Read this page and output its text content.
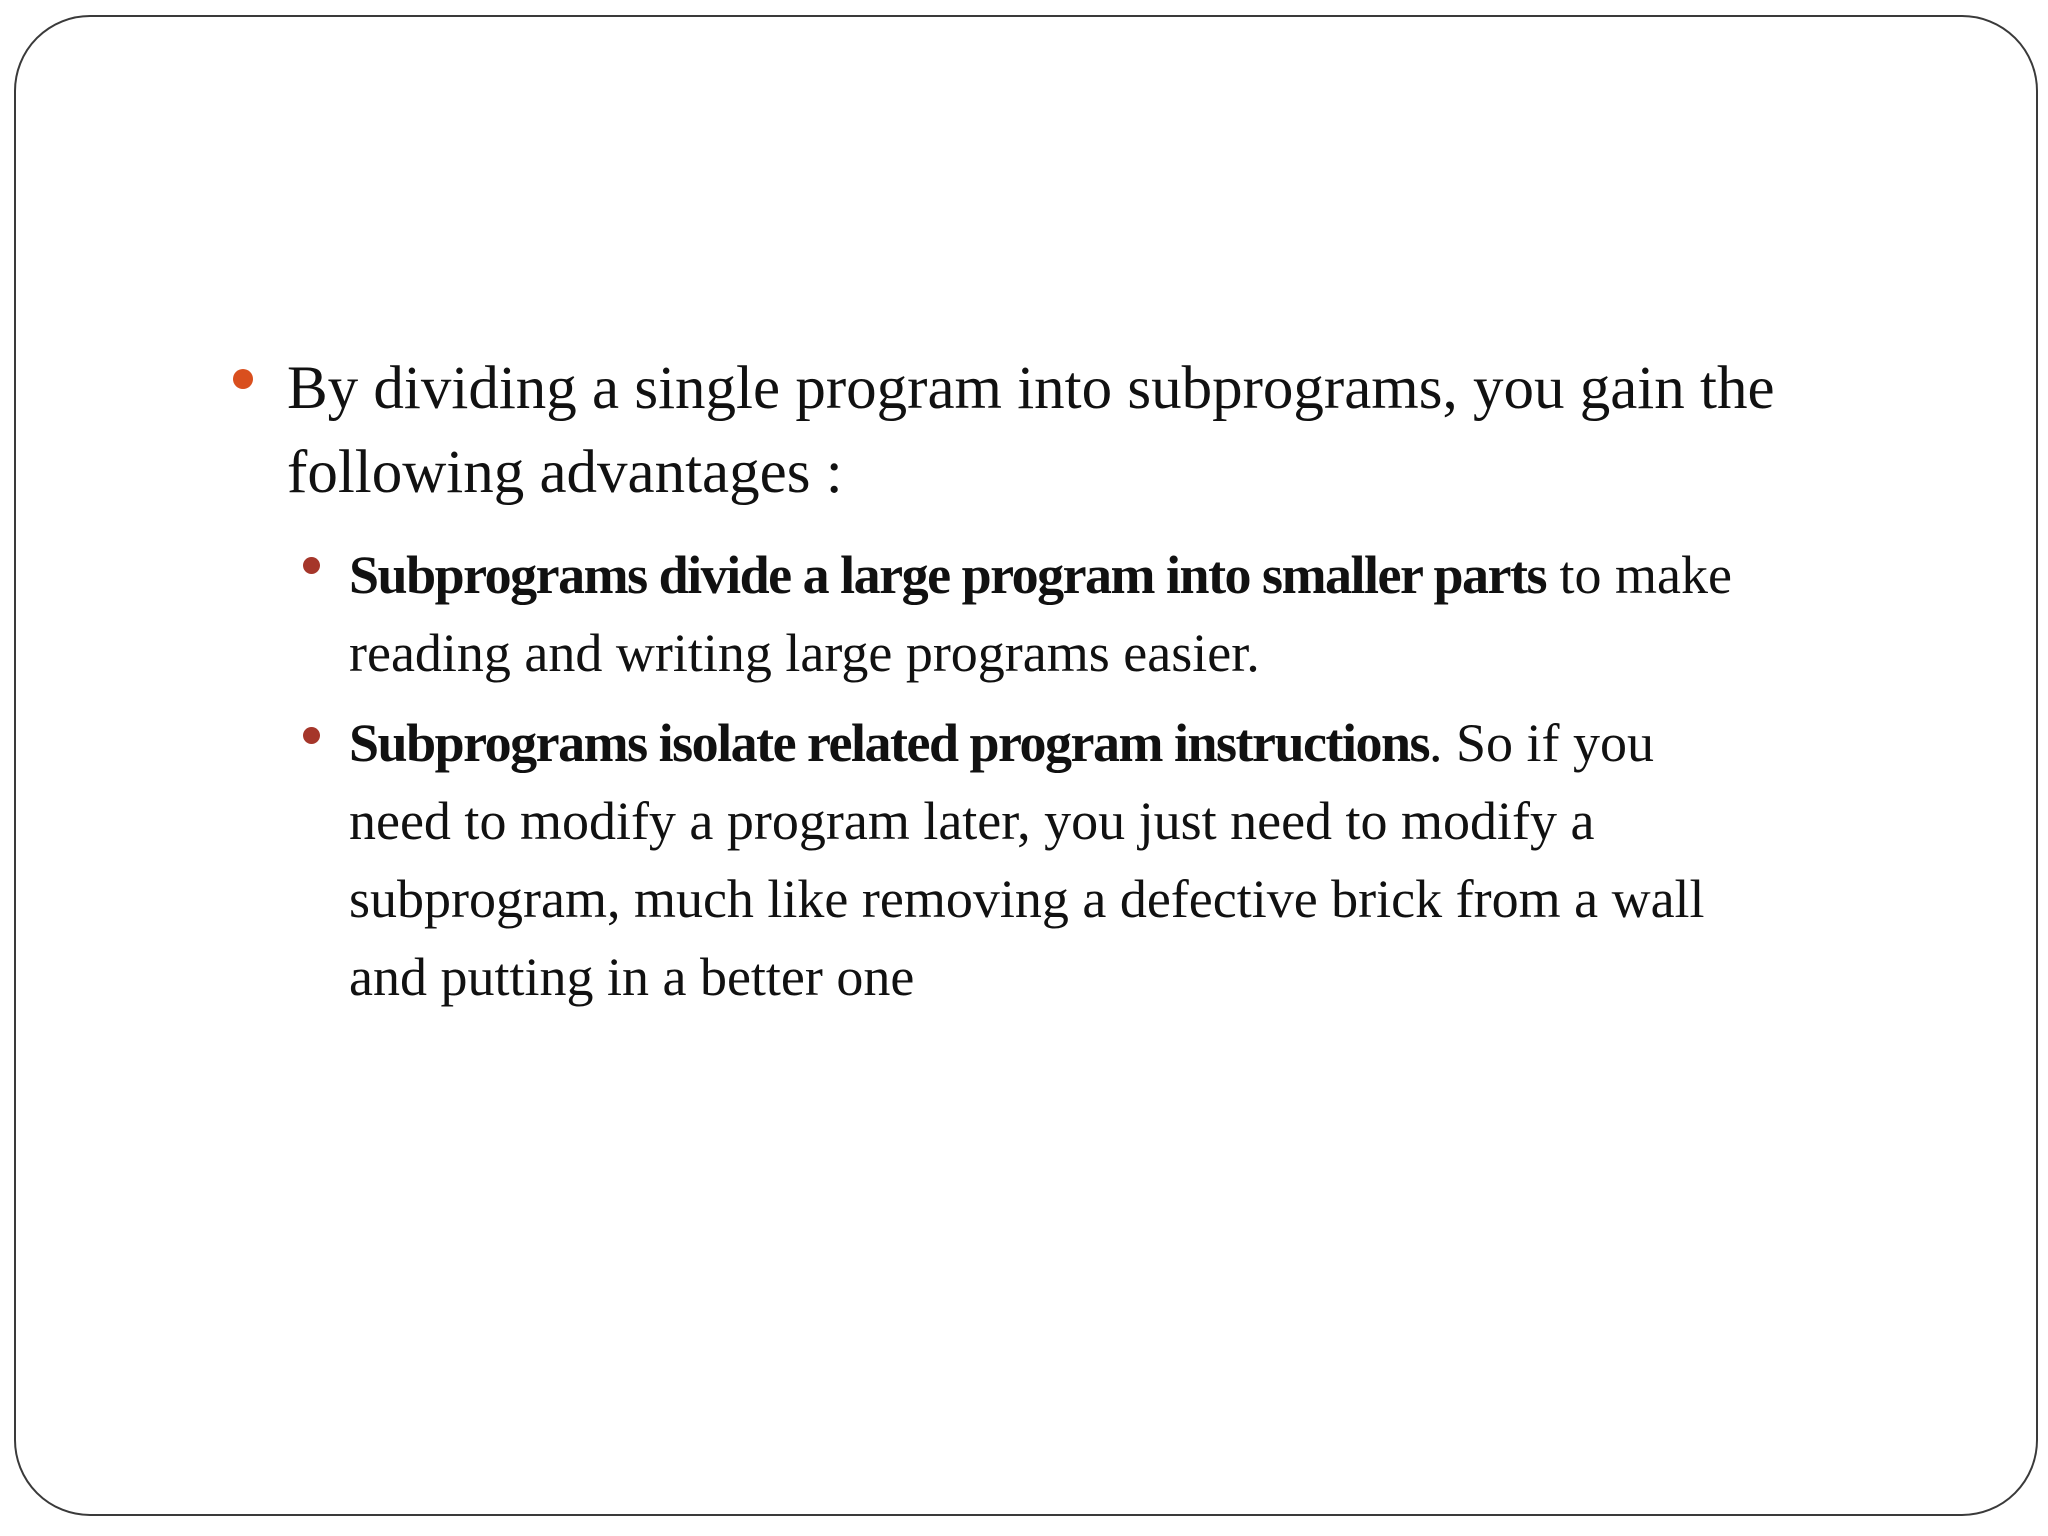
By dividing a single program into subprograms, you gain the
following advantages :

Subprograms divide a large program into smaller parts to make
reading and writing large programs easier.

Subprograms isolate related program instructions. So if you
need to modify a program later, you just need to modify a
subprogram, much like removing a defective brick from a wall
and putting in a better one
